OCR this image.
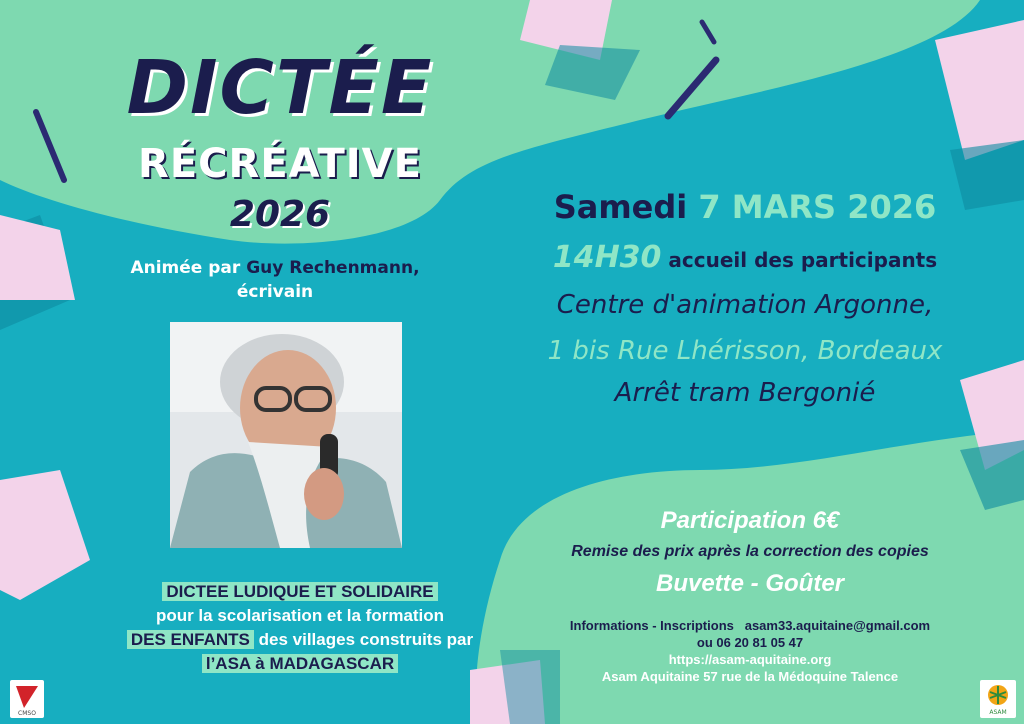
DICTÉE
RÉCRÉATIVE
2026
Animée par Guy Rechenmann,
écrivain
Samedi 7 MARS 2026
14H30 accueil des participants
Centre d'animation Argonne,
1 bis Rue Lhérisson, Bordeaux
Arrêt tram Bergonié
Participation 6€
Remise des prix après la correction des copies
Buvette - Goûter
Informations - Inscriptions asam33.aquitaine@gmail.com
ou 06 20 81 05 47
https://asam-aquitaine.org
Asam Aquitaine 57 rue de la Médoquine Talence
DICTEE LUDIQUE ET SOLIDAIRE
pour la scolarisation et la formation
DES ENFANTS des villages construits par
l’ASA à MADAGASCAR
CMSO	ASAM
